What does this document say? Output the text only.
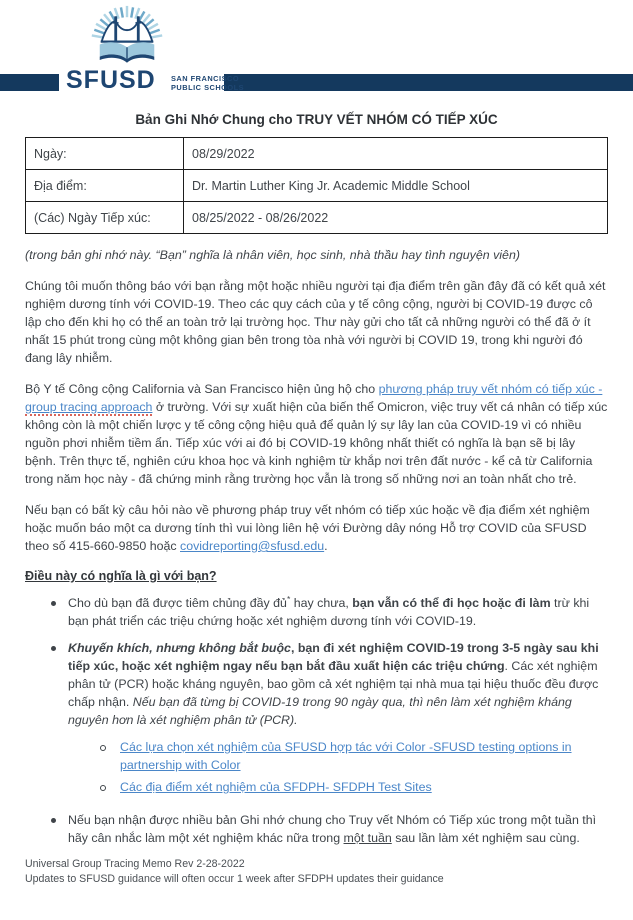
SFUSD SAN FRANCISCO
PUBLIC SCHOOLS
Bản Ghi Nhớ Chung cho TRUY VẾT NHÓM CÓ TIẾP XÚC
Ngày:	08/29/2022
Địa điểm:	Dr. Martin Luther King Jr. Academic Middle School
(Các) Ngày Tiếp xúc:	08/25/2022 - 08/26/2022
(trong bản ghi nhớ này. “Bạn” nghĩa là nhân viên, học sinh, nhà thầu hay tình nguyện viên)

Chúng tôi muốn thông báo với bạn rằng một hoặc nhiều người tại địa điểm trên gần đây đã có kết quả xét nghiệm dương tính với COVID-19. Theo các quy cách của y tế công cộng, người bị COVID-19 được cô lập cho đến khi họ có thể an toàn trở lại trường học. Thư này gửi cho tất cả những người có thể đã ở ít nhất 15 phút trong cùng một không gian bên trong tòa nhà với người bị COVID 19, trong khi người đó đang lây nhiễm.

Bộ Y tế Công cộng California và San Francisco hiện ủng hộ cho phương pháp truy vết nhóm có tiếp xúc - group tracing approach ở trường. Với sự xuất hiện của biến thể Omicron, việc truy vết cá nhân có tiếp xúc không còn là một chiến lược y tế công cộng hiệu quả để quản lý sự lây lan của COVID-19 vì có nhiều nguồn phơi nhiễm tiềm ẩn. Tiếp xúc với ai đó bị COVID-19 không nhất thiết có nghĩa là bạn sẽ bị lây bệnh. Trên thực tế, nghiên cứu khoa học và kinh nghiệm từ khắp nơi trên đất nước - kể cả từ California trong năm học này - đã chứng minh rằng trường học vẫn là trong số những nơi an toàn nhất cho trẻ.

Nếu bạn có bất kỳ câu hỏi nào về phương pháp truy vết nhóm có tiếp xúc hoặc về địa điểm xét nghiệm hoặc muốn báo một ca dương tính thì vui lòng liên hệ với Đường dây nóng Hỗ trợ COVID của SFUSD theo số 415-660-9850 hoặc covidreporting@sfusd.edu.

Điều này có nghĩa là gì với bạn?
Cho dù bạn đã được tiêm chủng đầy đủ* hay chưa, bạn vẫn có thể đi học hoặc đi làm trừ khi bạn phát triển các triệu chứng hoặc xét nghiệm dương tính với COVID-19.
Khuyến khích, nhưng không bắt buộc, bạn đi xét nghiệm COVID-19 trong 3-5 ngày sau khi tiếp xúc, hoặc xét nghiệm ngay nếu bạn bắt đầu xuất hiện các triệu chứng. Các xét nghiệm phân tử (PCR) hoặc kháng nguyên, bao gồm cả xét nghiệm tại nhà mua tại hiệu thuốc đều được chấp nhận. Nếu bạn đã từng bị COVID-19 trong 90 ngày qua, thì nên làm xét nghiệm kháng nguyên hơn là xét nghiệm phân tử (PCR).
Các lựa chọn xét nghiệm của SFUSD hợp tác với Color -SFUSD testing options in partnership with Color
Các địa điểm xét nghiệm của SFDPH- SFDPH Test Sites
Nếu bạn nhận được nhiều bản Ghi nhớ chung cho Truy vết Nhóm có Tiếp xúc trong một tuần thì hãy cân nhắc làm một xét nghiệm khác nữa trong một tuần sau lần làm xét nghiệm sau cùng.
Universal Group Tracing Memo Rev 2-28-2022
Updates to SFUSD guidance will often occur 1 week after SFDPH updates their guidance
